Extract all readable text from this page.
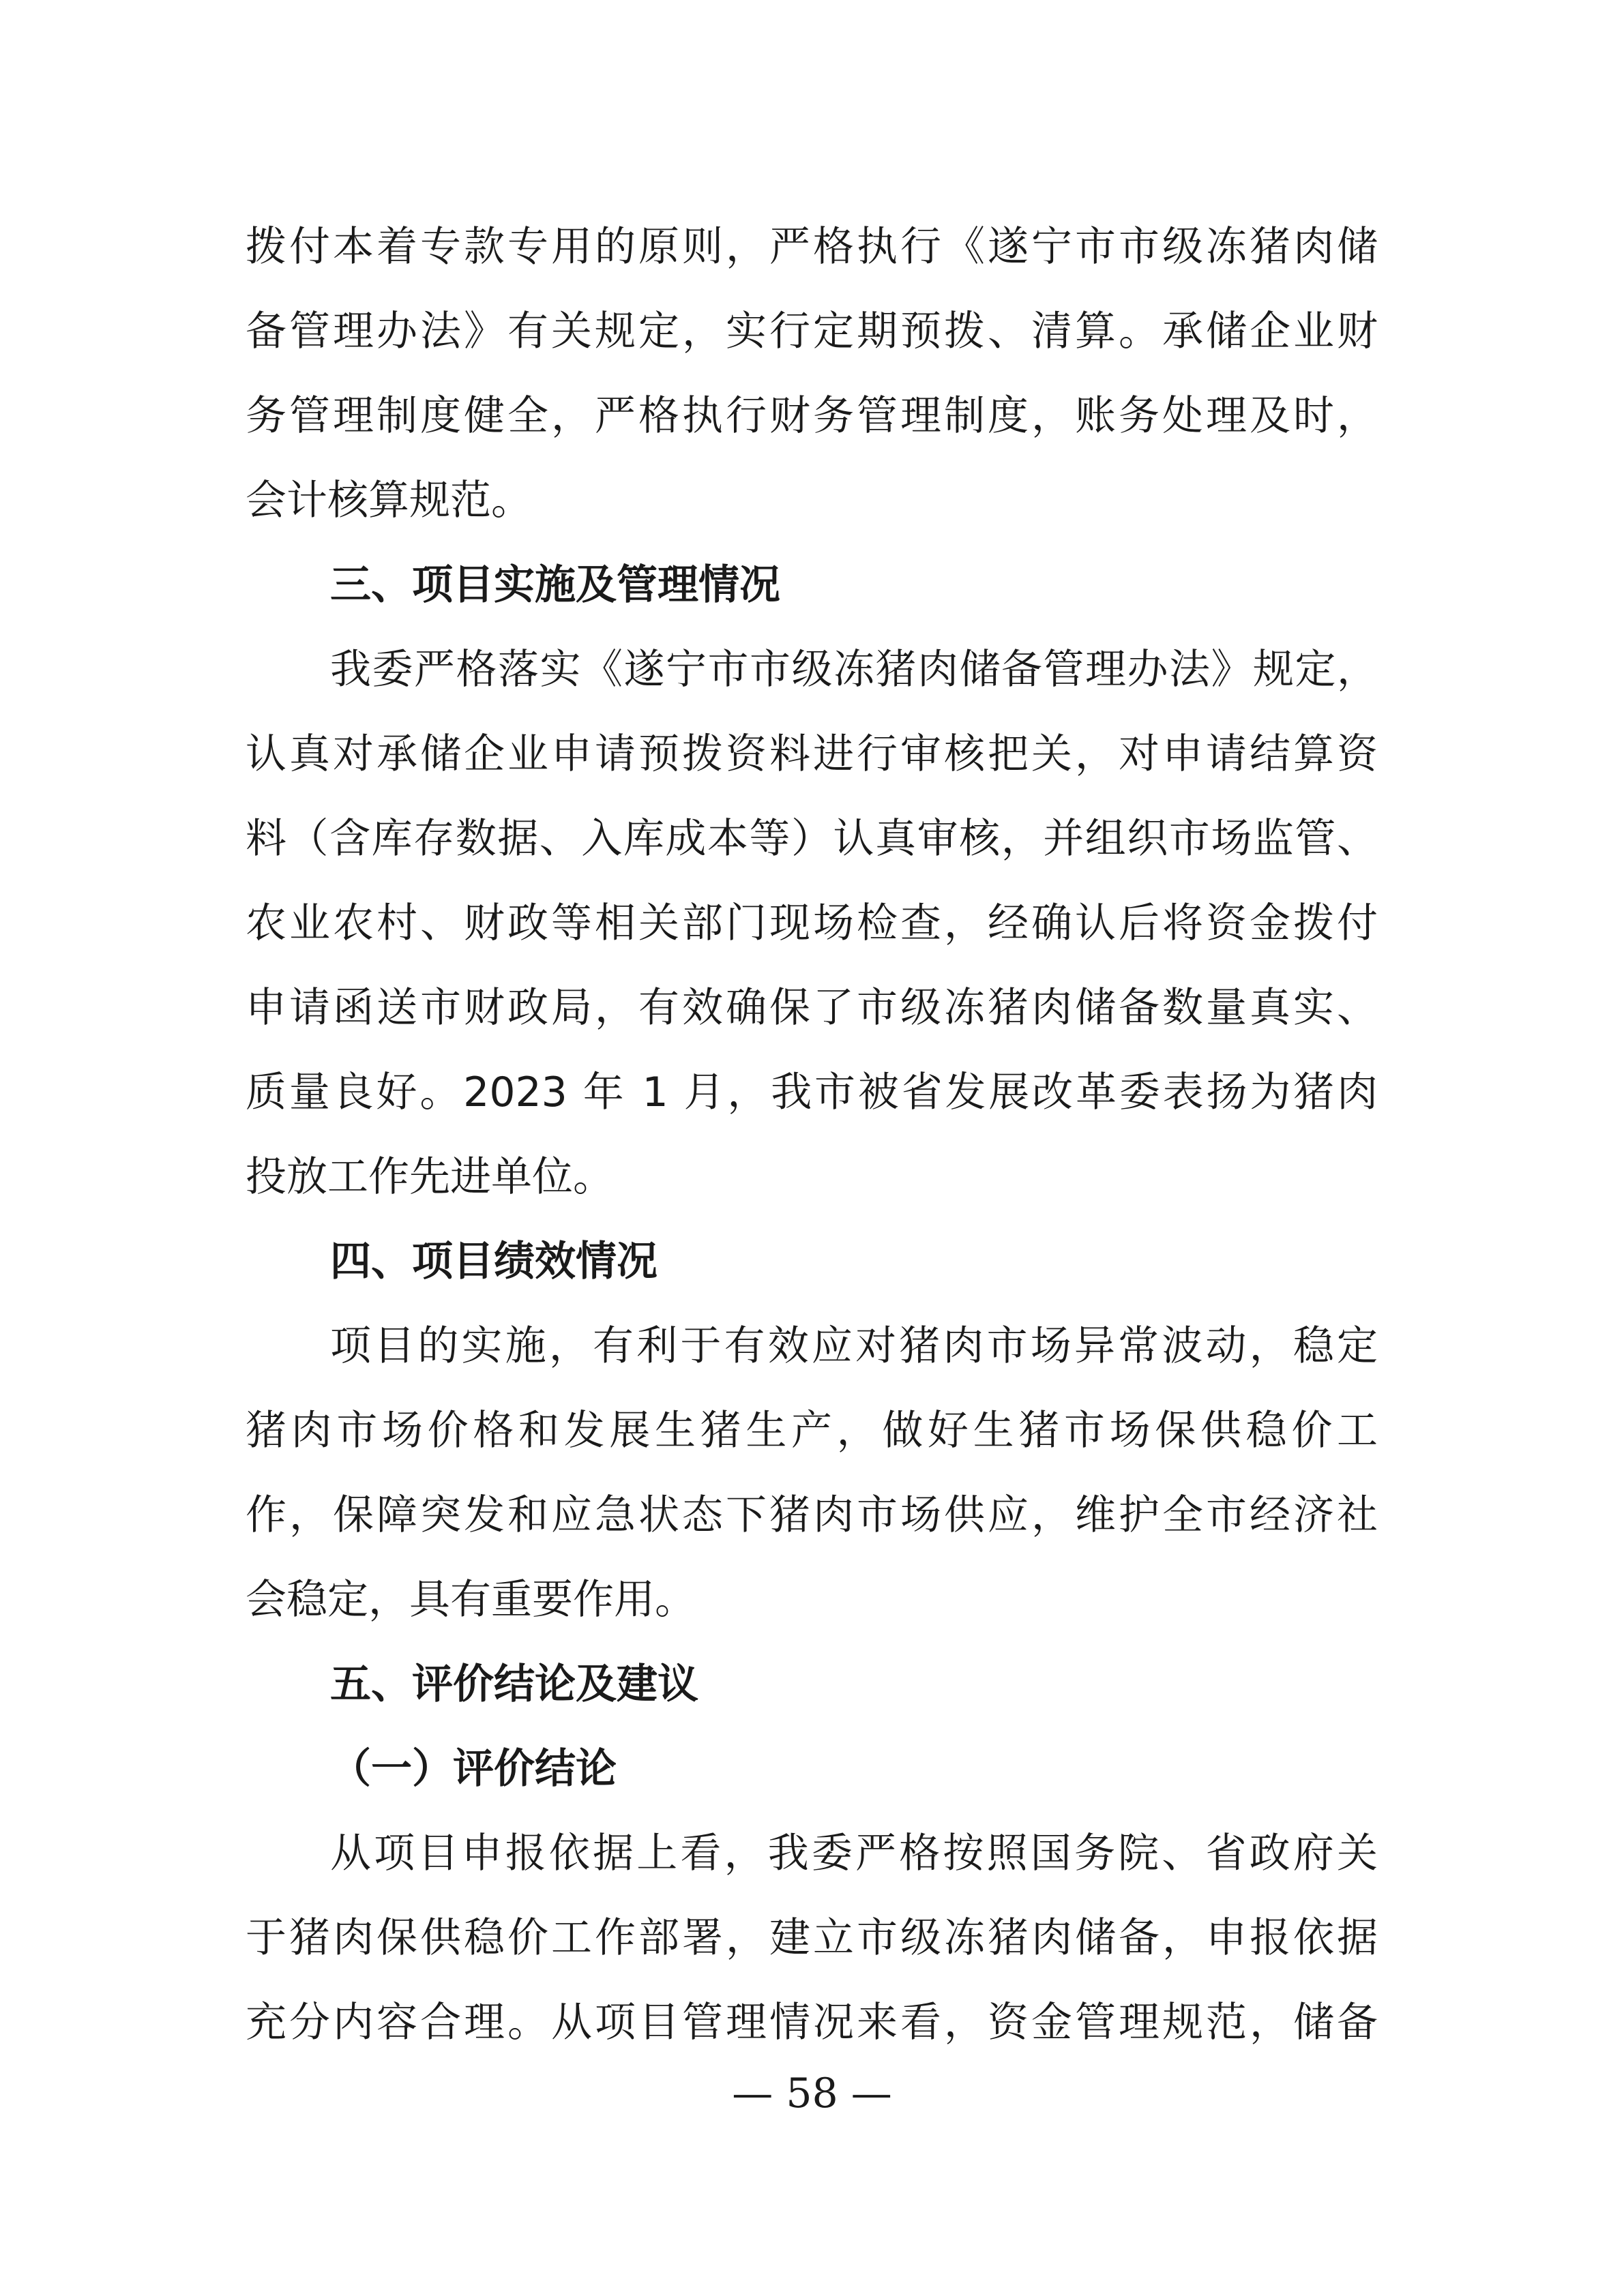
拨付本着专款专用的原则，严格执行《遂宁市市级冻猪肉储
备管理办法》有关规定，实行定期预拨、清算。承储企业财
务管理制度健全，严格执行财务管理制度，账务处理及时，
会计核算规范。
三、项目实施及管理情况
我委严格落实《遂宁市市级冻猪肉储备管理办法》规定，
认真对承储企业申请预拨资料进行审核把关，对申请结算资
料（含库存数据、入库成本等）认真审核，并组织市场监管、
农业农村、财政等相关部门现场检查，经确认后将资金拨付
申请函送市财政局，有效确保了市级冻猪肉储备数量真实、
质量良好。2023 年 1 月，我市被省发展改革委表扬为猪肉
投放工作先进单位。
四、项目绩效情况
项目的实施，有利于有效应对猪肉市场异常波动，稳定
猪肉市场价格和发展生猪生产，做好生猪市场保供稳价工
作，保障突发和应急状态下猪肉市场供应，维护全市经济社
会稳定，具有重要作用。
五、评价结论及建议
（一）评价结论
从项目申报依据上看，我委严格按照国务院、省政府关
于猪肉保供稳价工作部署，建立市级冻猪肉储备，申报依据
充分内容合理。从项目管理情况来看，资金管理规范，储备
— 58 —
